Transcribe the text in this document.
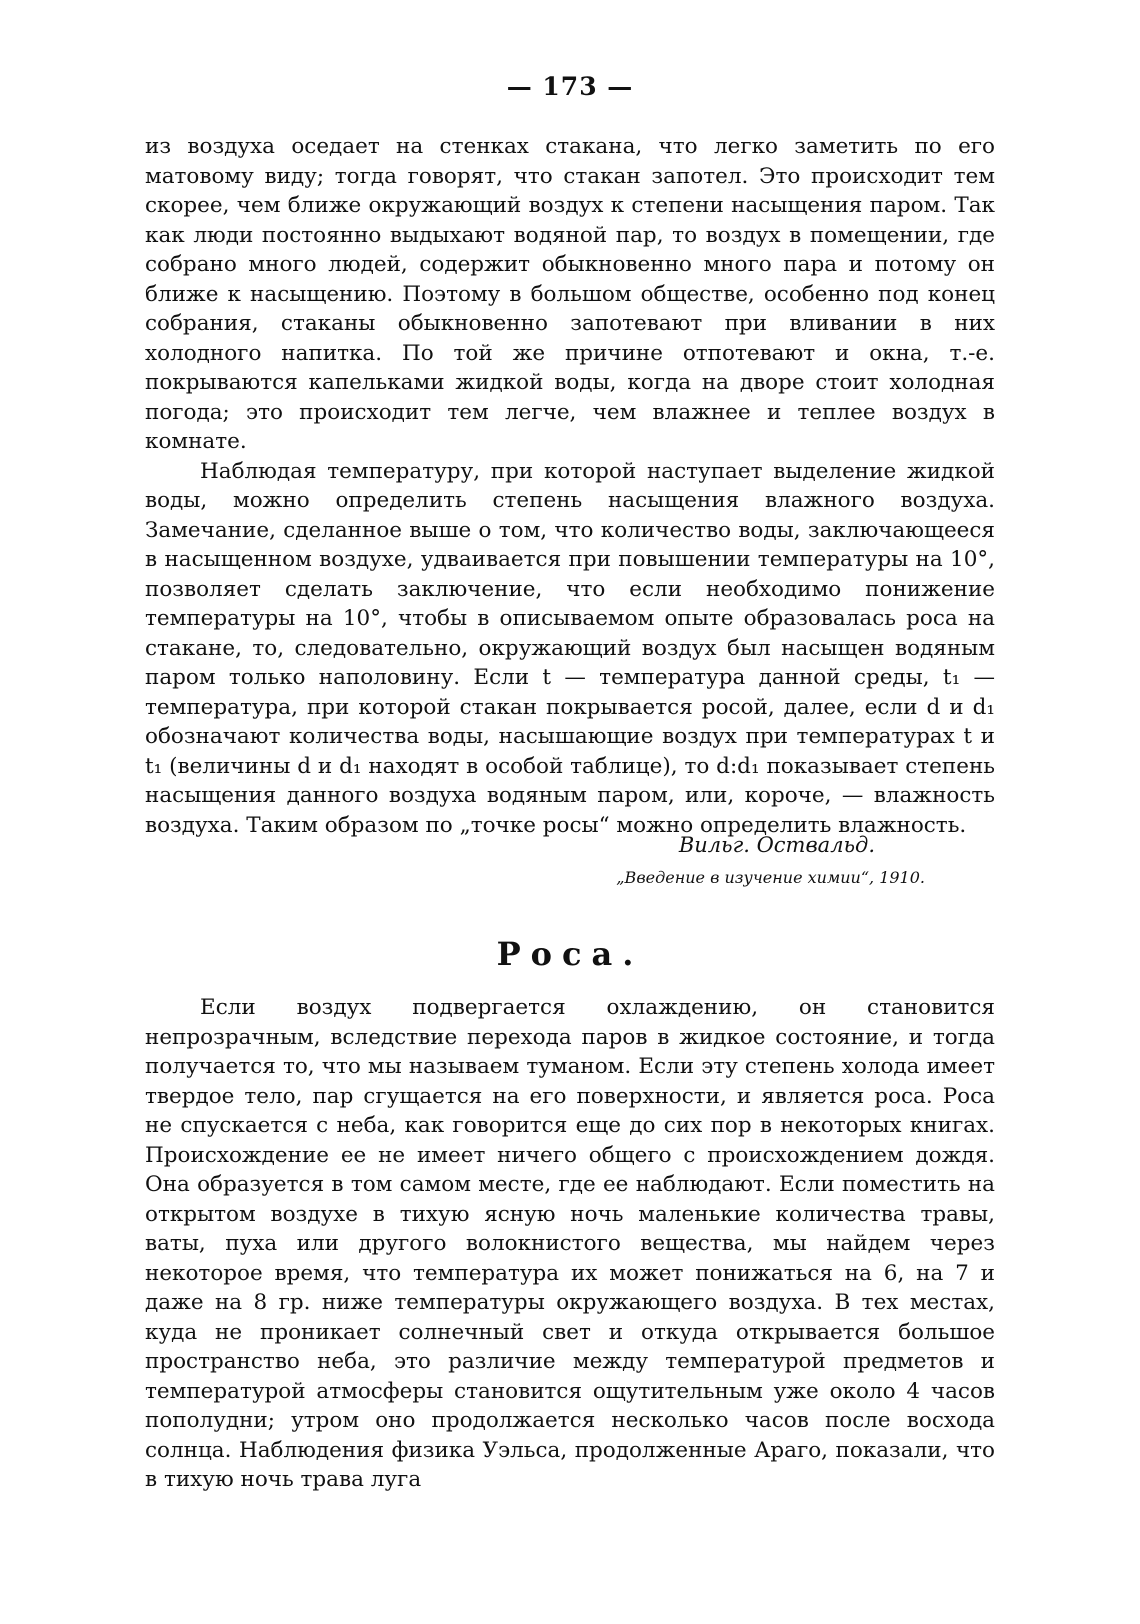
— 173 —

из воздуха оседает на стенках стакана, что легко заметить по его матовому виду; тогда говорят, что стакан запотел. Это происходит тем скорее, чем ближе окружающий воздух к степени насыщения паром. Так как люди постоянно выдыхают водяной пар, то воздух в помещении, где собрано много людей, содержит обыкновенно много пара и потому он ближе к насыщению. Поэтому в большом обществе, особенно под конец собрания, стаканы обыкновенно запотевают при вливании в них холодного напитка. По той же причине отпотевают и окна, т.-е. покрываются капельками жидкой воды, когда на дворе стоит холодная погода; это происходит тем легче, чем влажнее и теплее воздух в комнате.

Наблюдая температуру, при которой наступает выделение жидкой воды, можно определить степень насыщения влажного воздуха. Замечание, сделанное выше о том, что количество воды, заключающееся в насыщенном воздухе, удваивается при повышении температуры на 10°, позволяет сделать заключение, что если необходимо понижение температуры на 10°, чтобы в описываемом опыте образовалась роса на стакане, то, следовательно, окружающий воздух был насыщен водяным паром только наполовину. Если t — температура данной среды, t₁ — температура, при которой стакан покрывается росой, далее, если d и d₁ обозначают количества воды, насышающие воздух при температурах t и t₁ (величины d и d₁ находят в особой таблице), то d:d₁ показывает степень насыщения данного воздуха водяным паром, или, короче, — влажность воздуха. Таким образом по „точке росы“ можно определить влажность.

Вильг. Оствальд.
„Введение в изучение химии“, 1910.
Роса.

Если воздух подвергается охлаждению, он становится непрозрачным, вследствие перехода паров в жидкое состояние, и тогда получается то, что мы называем туманом. Если эту степень холода имеет твердое тело, пар сгущается на его поверхности, и является роса. Роса не спускается с неба, как говорится еще до сих пор в некоторых книгах. Происхождение ее не имеет ничего общего с происхождением дождя. Она образуется в том самом месте, где ее наблюдают. Если поместить на открытом воздухе в тихую ясную ночь маленькие количества травы, ваты, пуха или другого волокнистого вещества, мы найдем через некоторое время, что температура их может понижаться на 6, на 7 и даже на 8 гр. ниже температуры окружающего воздуха. В тех местах, куда не проникает солнечный свет и откуда открывается большое пространство неба, это различие между температурой предметов и температурой атмосферы становится ощутительным уже около 4 часов пополудни; утром оно продолжается несколько часов после восхода солнца. Наблюдения физика Уэльса, продолженные Араго, показали, что в тихую ночь трава луга
